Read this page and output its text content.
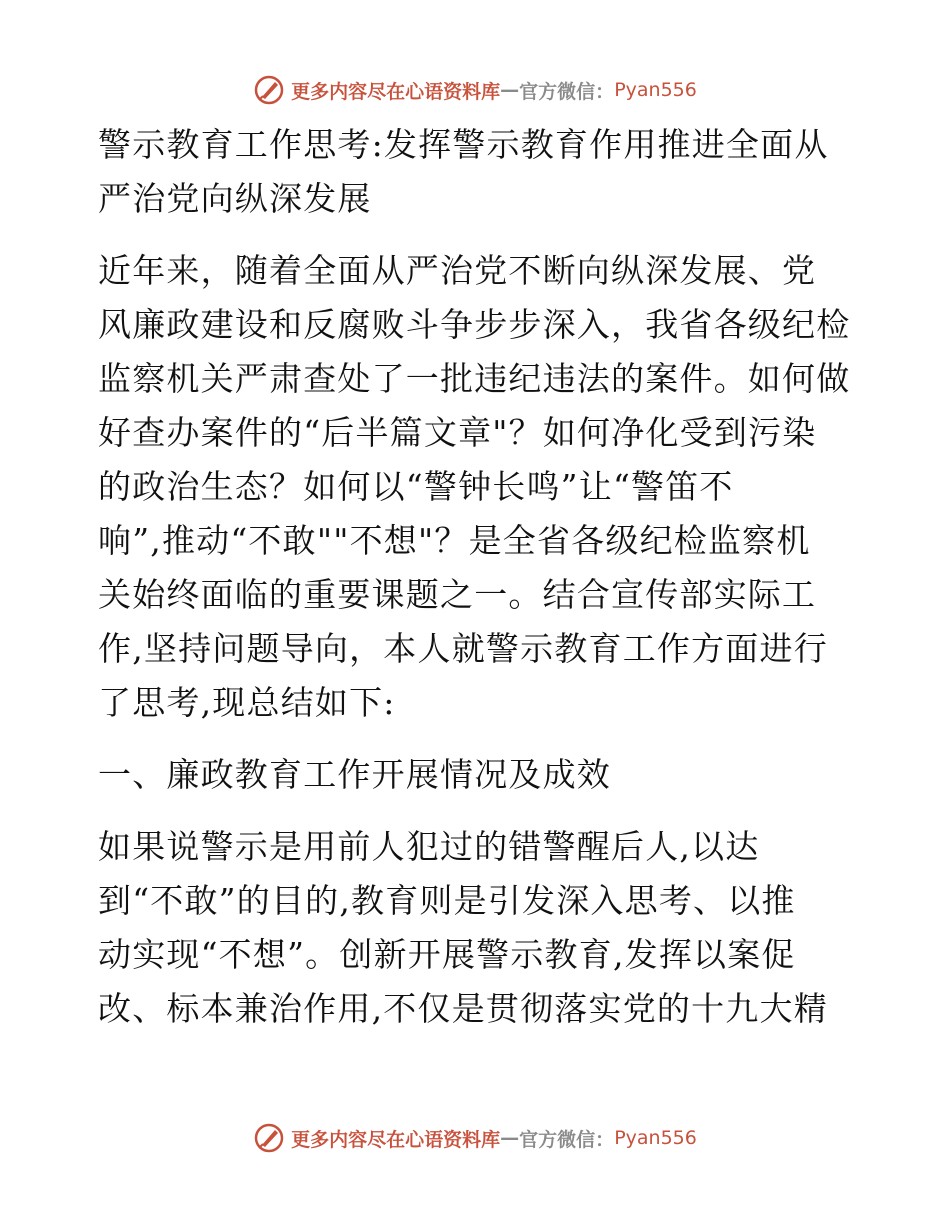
更多内容尽在心语资料库 — 官方微信： Pyan556
警示教育工作思考:发挥警示教育作用推进全面从
严治党向纵深发展
近年来，随着全面从严治党不断向纵深发展、党
风廉政建设和反腐败斗争步步深入，我省各级纪检
监察机关严肃查处了一批违纪违法的案件。如何做
好查办案件的“后半篇文章"？如何净化受到污染
的政治生态？如何以“警钟长鸣”让“警笛不
响”,推动“不敢""不想"？是全省各级纪检监察机
关始终面临的重要课题之一。结合宣传部实际工
作,坚持问题导向，本人就警示教育工作方面进行
了思考,现总结如下:
一、廉政教育工作开展情况及成效
如果说警示是用前人犯过的错警醒后人,以达
到“不敢”的目的,教育则是引发深入思考、以推
动实现“不想”。创新开展警示教育,发挥以案促
改、标本兼治作用,不仅是贯彻落实党的十九大精
更多内容尽在心语资料库 — 官方微信： Pyan556
